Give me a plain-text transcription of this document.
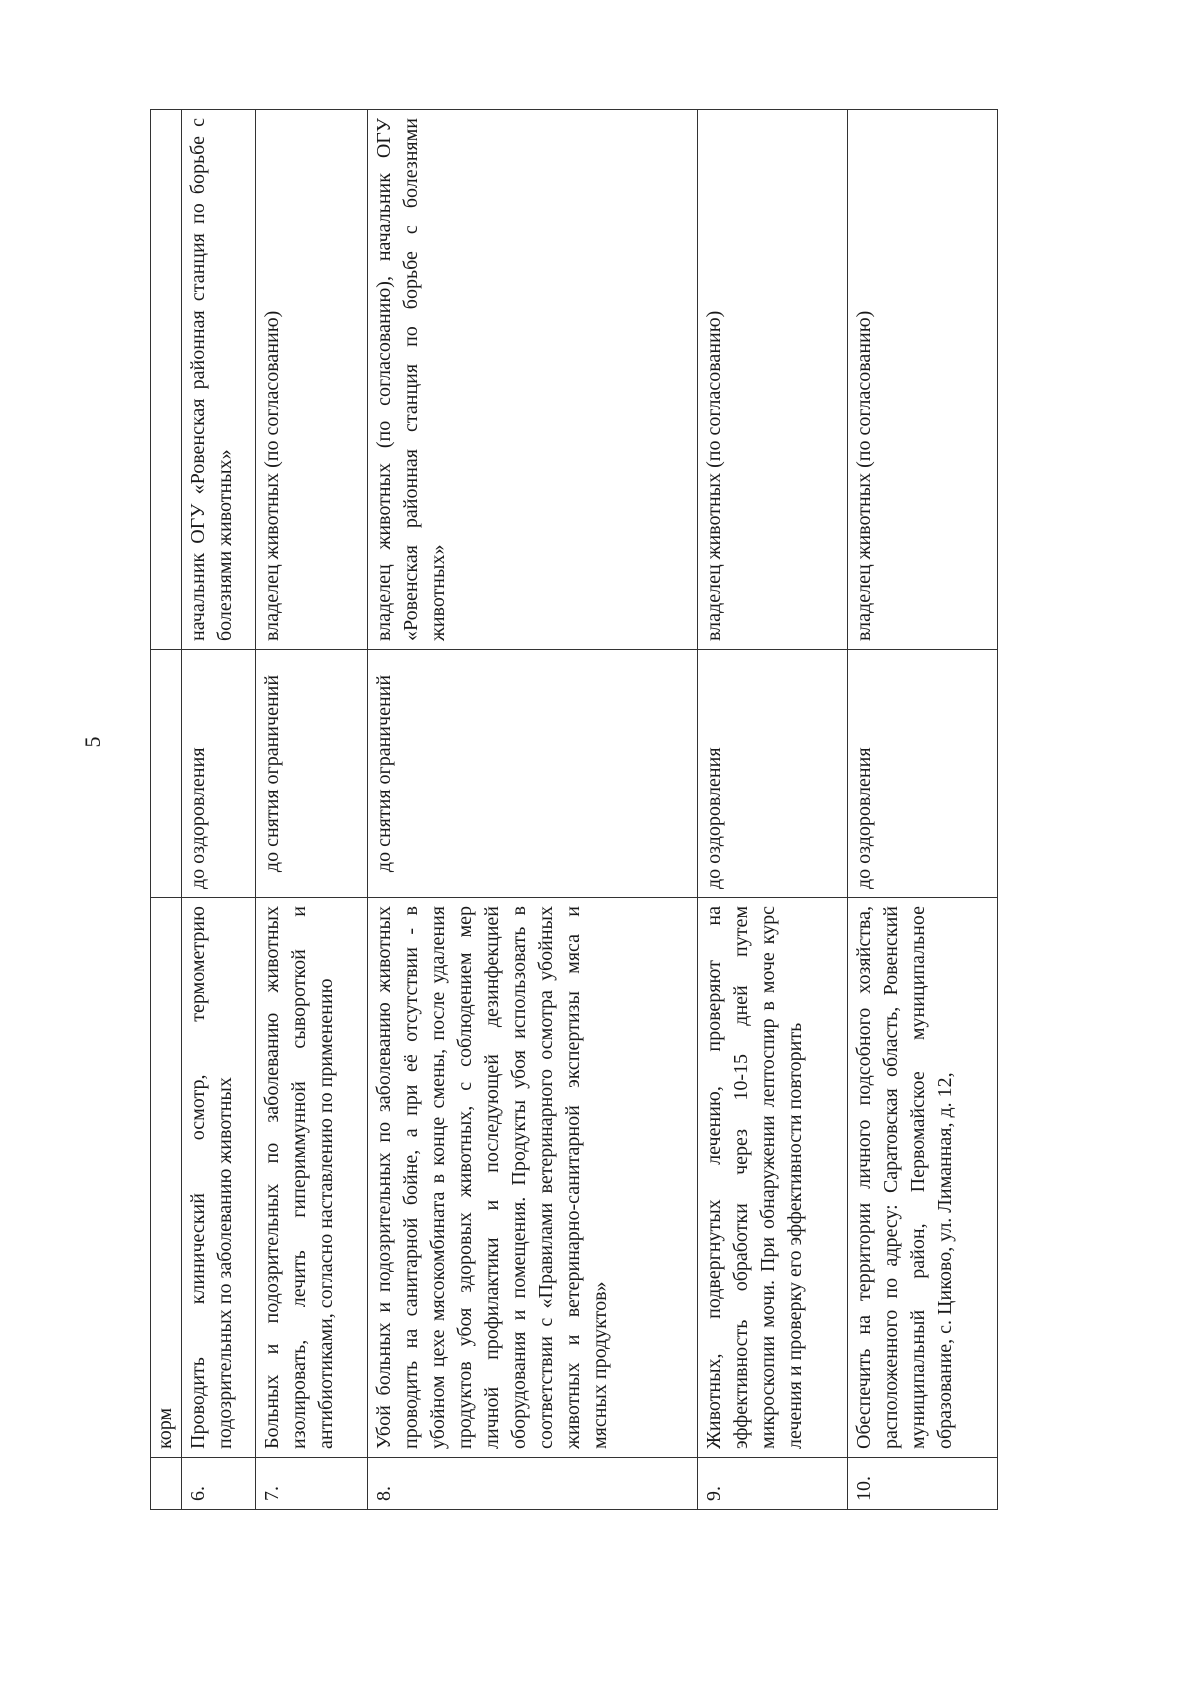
5
	корм		
6.	Проводить клинический осмотр, термометрию подозрительных по заболеванию животных	до оздоровления	начальник ОГУ «Ровенская районная станция по борьбе с болезнями животных»
7.	Больных и подозрительных по заболеванию животных изолировать, лечить гипериммунной сывороткой и антибиотиками, согласно наставлению по применению	до снятия ограничений	владелец животных (по согласованию)
8.	Убой больных и подозрительных по заболеванию животных проводить на санитарной бойне, а при её отсутствии - в убойном цехе мясокомбината в конце смены, после удаления продуктов убоя здоровых животных, с соблюдением мер личной профилактики и последующей дезинфекцией оборудования и помещения. Продукты убоя использовать в соответствии с «Правилами ветеринарного осмотра убойных животных и ветеринарно-санитарной экспертизы мяса и мясных продуктов»	до снятия ограничений	владелец животных (по согласованию), начальник ОГУ «Ровенская районная станция по борьбе с болезнями животных»
9.	Животных, подвергнутых лечению, проверяют на эффективность обработки через 10-15 дней путем микроскопии мочи. При обнаружении лептоспир в моче курс лечения и проверку его эффективности повторить	до оздоровления	владелец животных (по согласованию)
10.	Обеспечить на территории личного подсобного хозяйства, расположенного по адресу: Саратовская область, Ровенский муниципальный район, Первомайское муниципальное образование, с. Циково, ул. Лиманная, д. 12,	до оздоровления	владелец животных (по согласованию)
